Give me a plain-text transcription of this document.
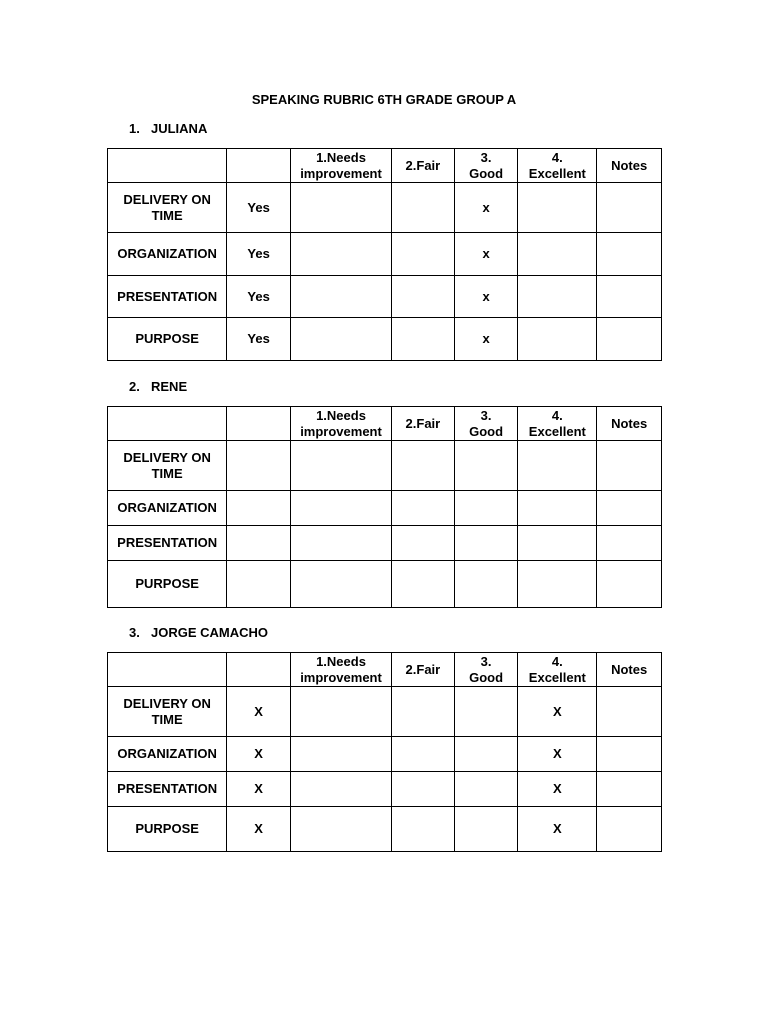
SPEAKING RUBRIC 6TH GRADE GROUP A
1. JULIANA
		1.Needs
improvement	2.Fair	3.
Good	4.
Excellent	Notes
DELIVERY ON
TIME	Yes			x		
ORGANIZATION	Yes			x		
PRESENTATION	Yes			x		
PURPOSE	Yes			x		
2. RENE
		1.Needs
improvement	2.Fair	3.
Good	4.
Excellent	Notes
DELIVERY ON
TIME						
ORGANIZATION						
PRESENTATION						
PURPOSE						
3. JORGE CAMACHO
		1.Needs
improvement	2.Fair	3.
Good	4.
Excellent	Notes
DELIVERY ON
TIME	X				X	
ORGANIZATION	X				X	
PRESENTATION	X				X	
PURPOSE	X				X	
